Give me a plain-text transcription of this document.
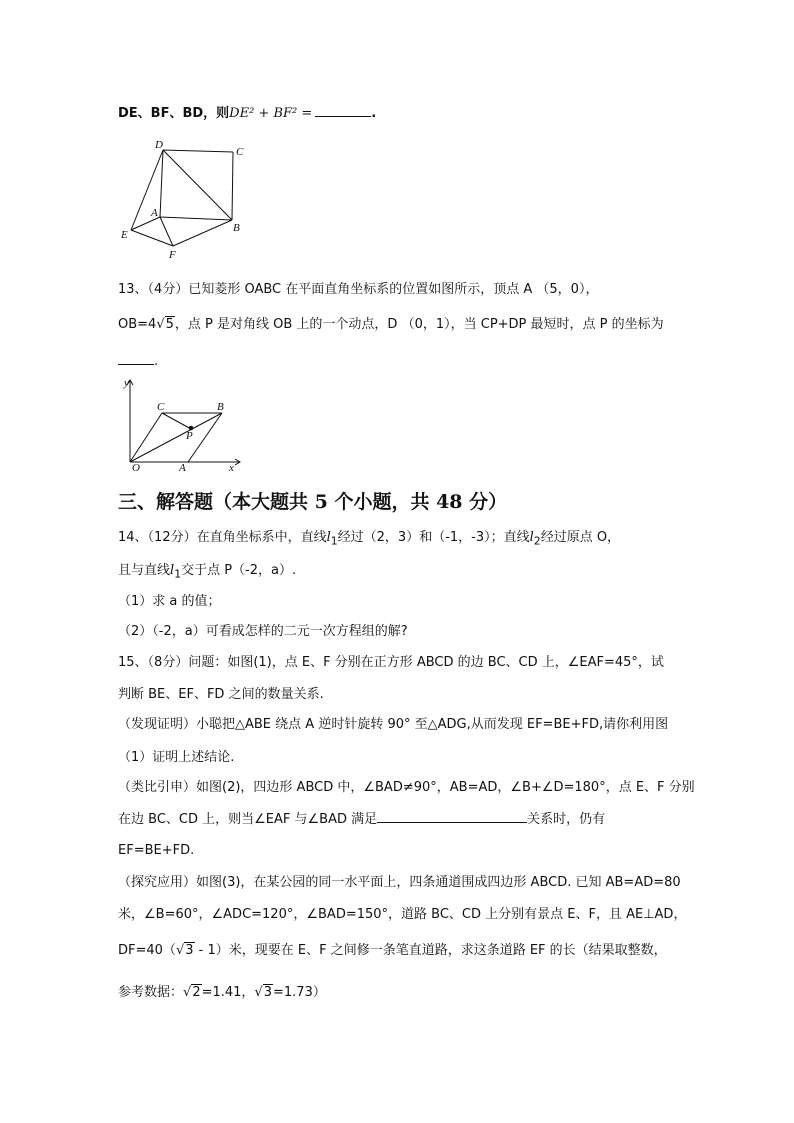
DE、BF、BD，则DE² + BF² =	.
D
C
A
B
E
F
13、（4分）已知菱形 OABC 在平面直角坐标系的位置如图所示，顶点 A （5，0），
OB=4√5，点 P 是对角线 OB 上的一个动点，D （0，1），当 CP+DP 最短时，点 P 的坐标为
.
y
x
O	A
B
C
P
三、解答题（本大题共 5 个小题，共 48 分）
14、（12分）在直角坐标系中，直线$l_1$经过（2，3）和（-1，-3）；直线$l_2$经过原点 O，
且与直线$l_1$交于点 P（-2，a）.
（1）求 a 的值；
（2）（-2，a）可看成怎样的二元一次方程组的解?
15、（8分）问题：如图(1)，点 E、F 分别在正方形 ABCD 的边 BC、CD 上，∠EAF=45°，试
判断 BE、EF、FD 之间的数量关系.
（发现证明）小聪把△ABE 绕点 A 逆时针旋转 90° 至△ADG,从而发现 EF=BE+FD,请你利用图
（1）证明上述结论.
（类比引申）如图(2)，四边形 ABCD 中，∠BAD≠90°，AB=AD，∠B+∠D=180°，点 E、F 分别
在边 BC、CD 上，则当∠EAF 与∠BAD 满足	关系时，仍有
EF=BE+FD.
（探究应用）如图(3)，在某公园的同一水平面上，四条通道围成四边形 ABCD. 已知 AB=AD=80
米，∠B=60°，∠ADC=120°，∠BAD=150°，道路 BC、CD 上分别有景点 E、F，且 AE⊥AD，
DF=40（√3 - 1）米，现要在 E、F 之间修一条笔直道路，求这条道路 EF 的长（结果取整数，
参考数据：√2=1.41，√3=1.73）
